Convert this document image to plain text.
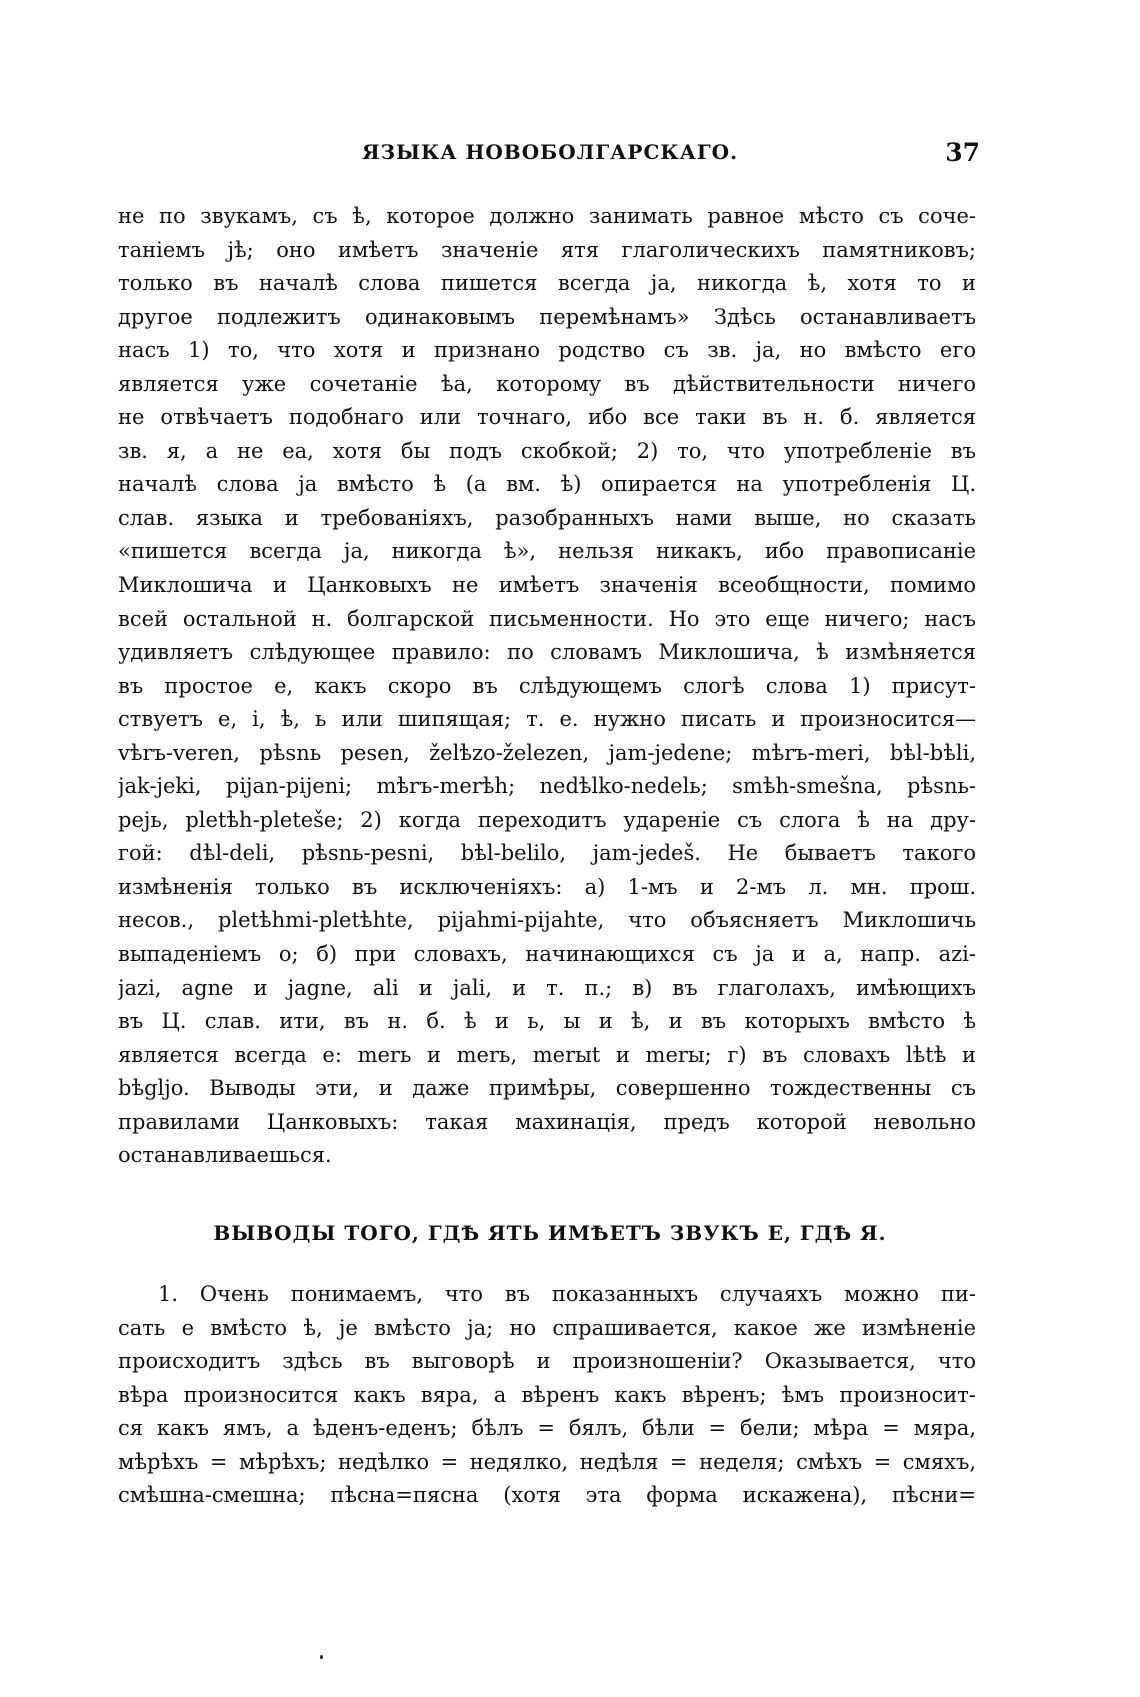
ЯЗЫКА НОВОБОЛГАРСКАГО.	37
не по звукамъ, съ ѣ, которое должно занимать равное мѣсто съ соче-
таніемъ јѣ; оно имѣетъ значеніе ятя глаголическихъ памятниковъ;
только въ началѣ слова пишется всегда ја, никогда ѣ, хотя то и
другое подлежитъ одинаковымъ перемѣнамъ» Здѣсь останавливаетъ
насъ 1) то, что хотя и признано родство съ зв. ја, но вмѣсто его
является уже сочетаніе ѣа, которому въ дѣйствительности ничего
не отвѣчаетъ подобнаго или точнаго, ибо все таки въ н. б. является
зв. я, а не еа, хотя бы подъ скобкой; 2) то, что употребленіе въ
началѣ слова ја вмѣсто ѣ (а вм. ѣ) опирается на употребленія Ц.
слав. языка и требованіяхъ, разобранныхъ нами выше, но сказать
«пишется всегда ја, никогда ѣ», нельзя никакъ, ибо правописаніе
Миклошича и Цанковыхъ не имѣетъ значенія всеобщности, помимо
всей остальной н. болгарской письменности. Но это еще ничего; насъ
удивляетъ слѣдующее правило: по словамъ Миклошича, ѣ измѣняется
въ простое е, какъ скоро въ слѣдующемъ слогѣ слова 1) присут-
ствуетъ е, і, ѣ, ь или шипящая; т. е. нужно писать и произносится—
vѣrъ-veren, pѣsnь pesen, želѣzo-železen, jam-jedene; mѣrъ-meri, bѣl-bѣli,
jak-jeki, pijan-pijeni; mѣrъ-merѣh; nedѣlko-nedelь; smѣh-smešna, pѣsnь-
pejь, pletѣh-pleteše; 2) когда переходитъ удареніе съ слога ѣ на дру-
гой: dѣl-deli, pѣsnь-pesni, bѣl-belilo, jam-jedeš. Не бываетъ такого
измѣненія только въ исключеніяхъ: а) 1-мъ и 2-мъ л. мн. прош.
несов., pletѣhmi-pletѣhte, pijahmi-pijahte, что объясняетъ Миклошичь
выпаденіемъ о; б) при словахъ, начинающихся съ ја и а, напр. azi-
jazi, agne и jagne, ali и jali, и т. п.; в) въ глаголахъ, имѣющихъ
въ Ц. слав. ити, въ н. б. ѣ и ь, ы и ѣ, и въ которыхъ вмѣсто ѣ
является всегда е: merь и merь, merыt и merы; г) въ словахъ lѣtѣ и
bѣgljo. Выводы эти, и даже примѣры, совершенно тождественны съ
правилами Цанковыхъ: такая махинація, предъ которой невольно
останавливаешься.
ВЫВОДЫ ТОГО, ГДѢ ЯТЬ ИМѢЕТЪ ЗВУКЪ Е, ГДѢ Я.
1. Очень понимаемъ, что въ показанныхъ случаяхъ можно пи-
сать е вмѣсто ѣ, је вмѣсто ја; но спрашивается, какое же измѣненіе
происходитъ здѣсь въ выговорѣ и произношеніи? Оказывается, что
вѣра произносится какъ вяра, а вѣренъ какъ вѣренъ; ѣмъ произносит-
ся какъ ямъ, а ѣденъ-еденъ; бѣлъ = бялъ, бѣли = бели; мѣра = мяра,
мѣрѣхъ = мѣрѣхъ; недѣлко = недялко, недѣля = неделя; смѣхъ = смяхъ,
смѣшна-смешна; пѣсна=пясна (хотя эта форма искажена), пѣсни=
